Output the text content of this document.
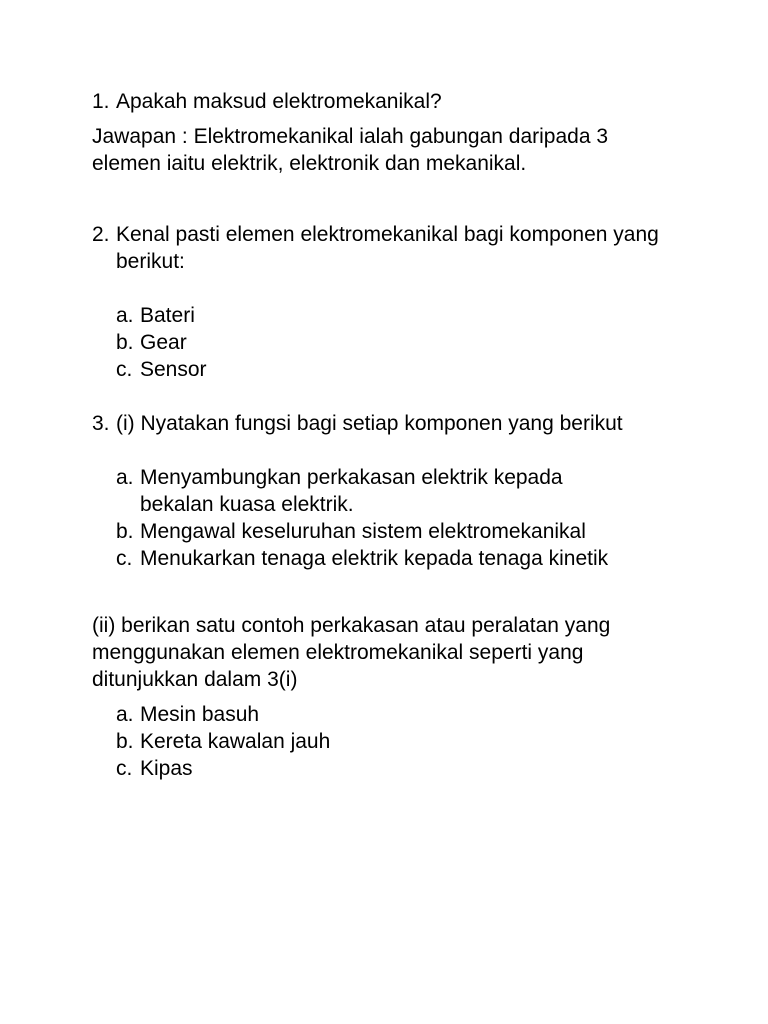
1. Apakah maksud elektromekanikal?

Jawapan : Elektromekanikal ialah gabungan daripada 3 elemen iaitu elektrik, elektronik dan mekanikal.

2. Kenal pasti elemen elektromekanikal bagi komponen yang berikut:
a. Bateri
b. Gear
c. Sensor
3. (i) Nyatakan fungsi bagi setiap komponen yang berikut
a. Menyambungkan perkakasan elektrik kepada bekalan kuasa elektrik.
b. Mengawal keseluruhan sistem elektromekanikal
c. Menukarkan tenaga elektrik kepada tenaga kinetik

(ii) berikan satu contoh perkakasan atau peralatan yang menggunakan elemen elektromekanikal seperti yang ditunjukkan dalam 3(i)

a. Mesin basuh
b. Kereta kawalan jauh
c. Kipas
